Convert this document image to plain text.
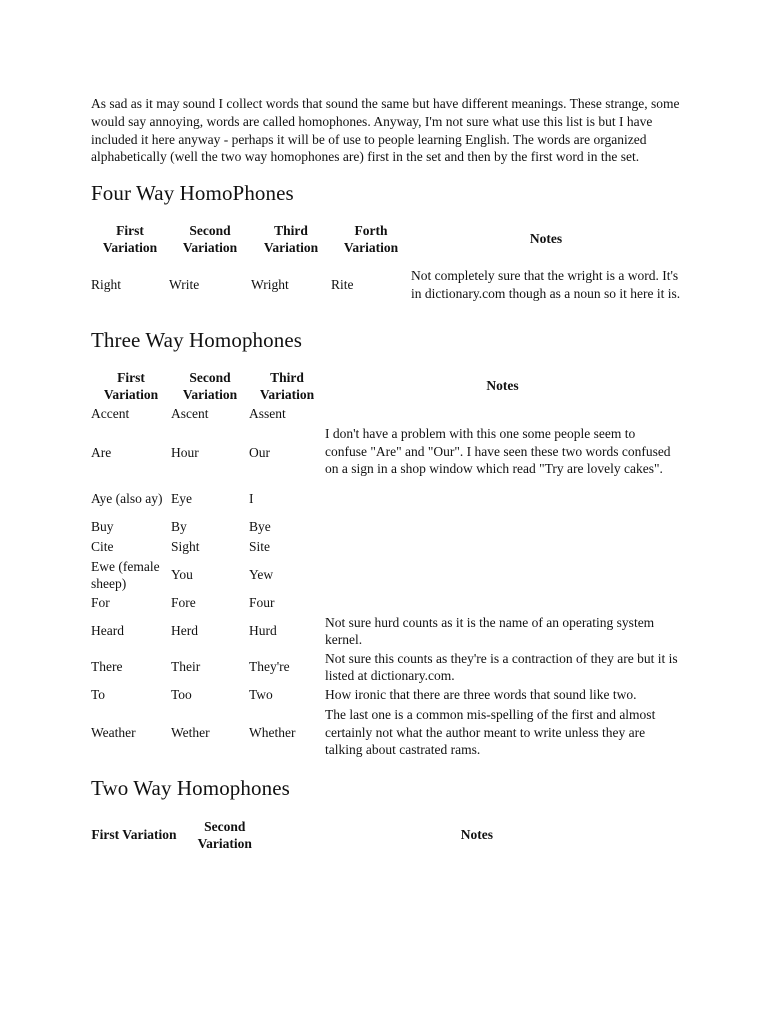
As sad as it may sound I collect words that sound the same but have different meanings. These strange, some would say annoying, words are called homophones. Anyway, I'm not sure what use this list is but I have included it here anyway - perhaps it will be of use to people learning English. The words are organized alphabetically (well the two way homophones are) first in the set and then by the first word in the set.

Four Way HomoPhones
First Variation	Second Variation	Third Variation	Forth Variation	Notes
Right	Write	Wright	Rite	Not completely sure that the wright is a word. It's in dictionary.com though as a noun so it here it is.
Three Way Homophones
First Variation	Second Variation	Third Variation	Notes
Accent	Ascent	Assent	
Are	Hour	Our	I don't have a problem with this one some people seem to confuse "Are" and "Our". I have seen these two words confused on a sign in a shop window which read "Try are lovely cakes".
Aye (also ay)	Eye	I	
Buy	By	Bye	
Cite	Sight	Site	
Ewe (female sheep)	You	Yew	
For	Fore	Four	
Heard	Herd	Hurd	Not sure hurd counts as it is the name of an operating system kernel.
There	Their	They're	Not sure this counts as they're is a contraction of they are but it is listed at dictionary.com.
To	Too	Two	How ironic that there are three words that sound like two.
Weather	Wether	Whether	The last one is a common mis-spelling of the first and almost certainly not what the author meant to write unless they are talking about castrated rams.
Two Way Homophones
First Variation	Second Variation	Notes
